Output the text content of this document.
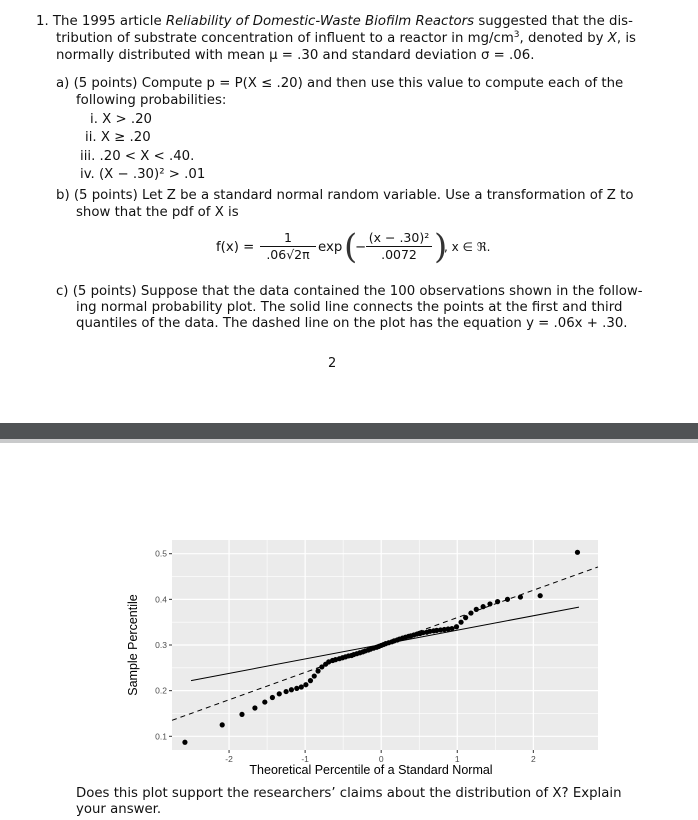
1. The 1995 article Reliability of Domestic-Waste Biofilm Reactors suggested that the dis-
tribution of substrate concentration of influent to a reactor in $mg/cm^3$, denoted by X, is
normally distributed with mean μ = .30 and standard deviation σ = .06.
a) (5 points) Compute p = P(X ≤ .20) and then use this value to compute each of the
following probabilities:
i. X > .20
ii. X ≥ .20
iii. .20 < X < .40.
iv. (X − .30)² > .01
b) (5 points) Let Z be a standard normal random variable. Use a transformation of Z to
show that the pdf of X is
f(x) =
1
.06√2π exp (
−
(x − .30)²
.0072 )
, x ∈ ℜ.
c) (5 points) Suppose that the data contained the 100 observations shown in the follow-
ing normal probability plot. The solid line connects the points at the first and third
quantiles of the data. The dashed line on the plot has the equation y = .06x + .30.
2
-2	-1	0	1	2
0.1
0.2
0.3
0.4
0.5
Theoretical Percentile of a Standard Normal
Sample Percentile
Does this plot support the researchers’ claims about the distribution of X? Explain
your answer.
